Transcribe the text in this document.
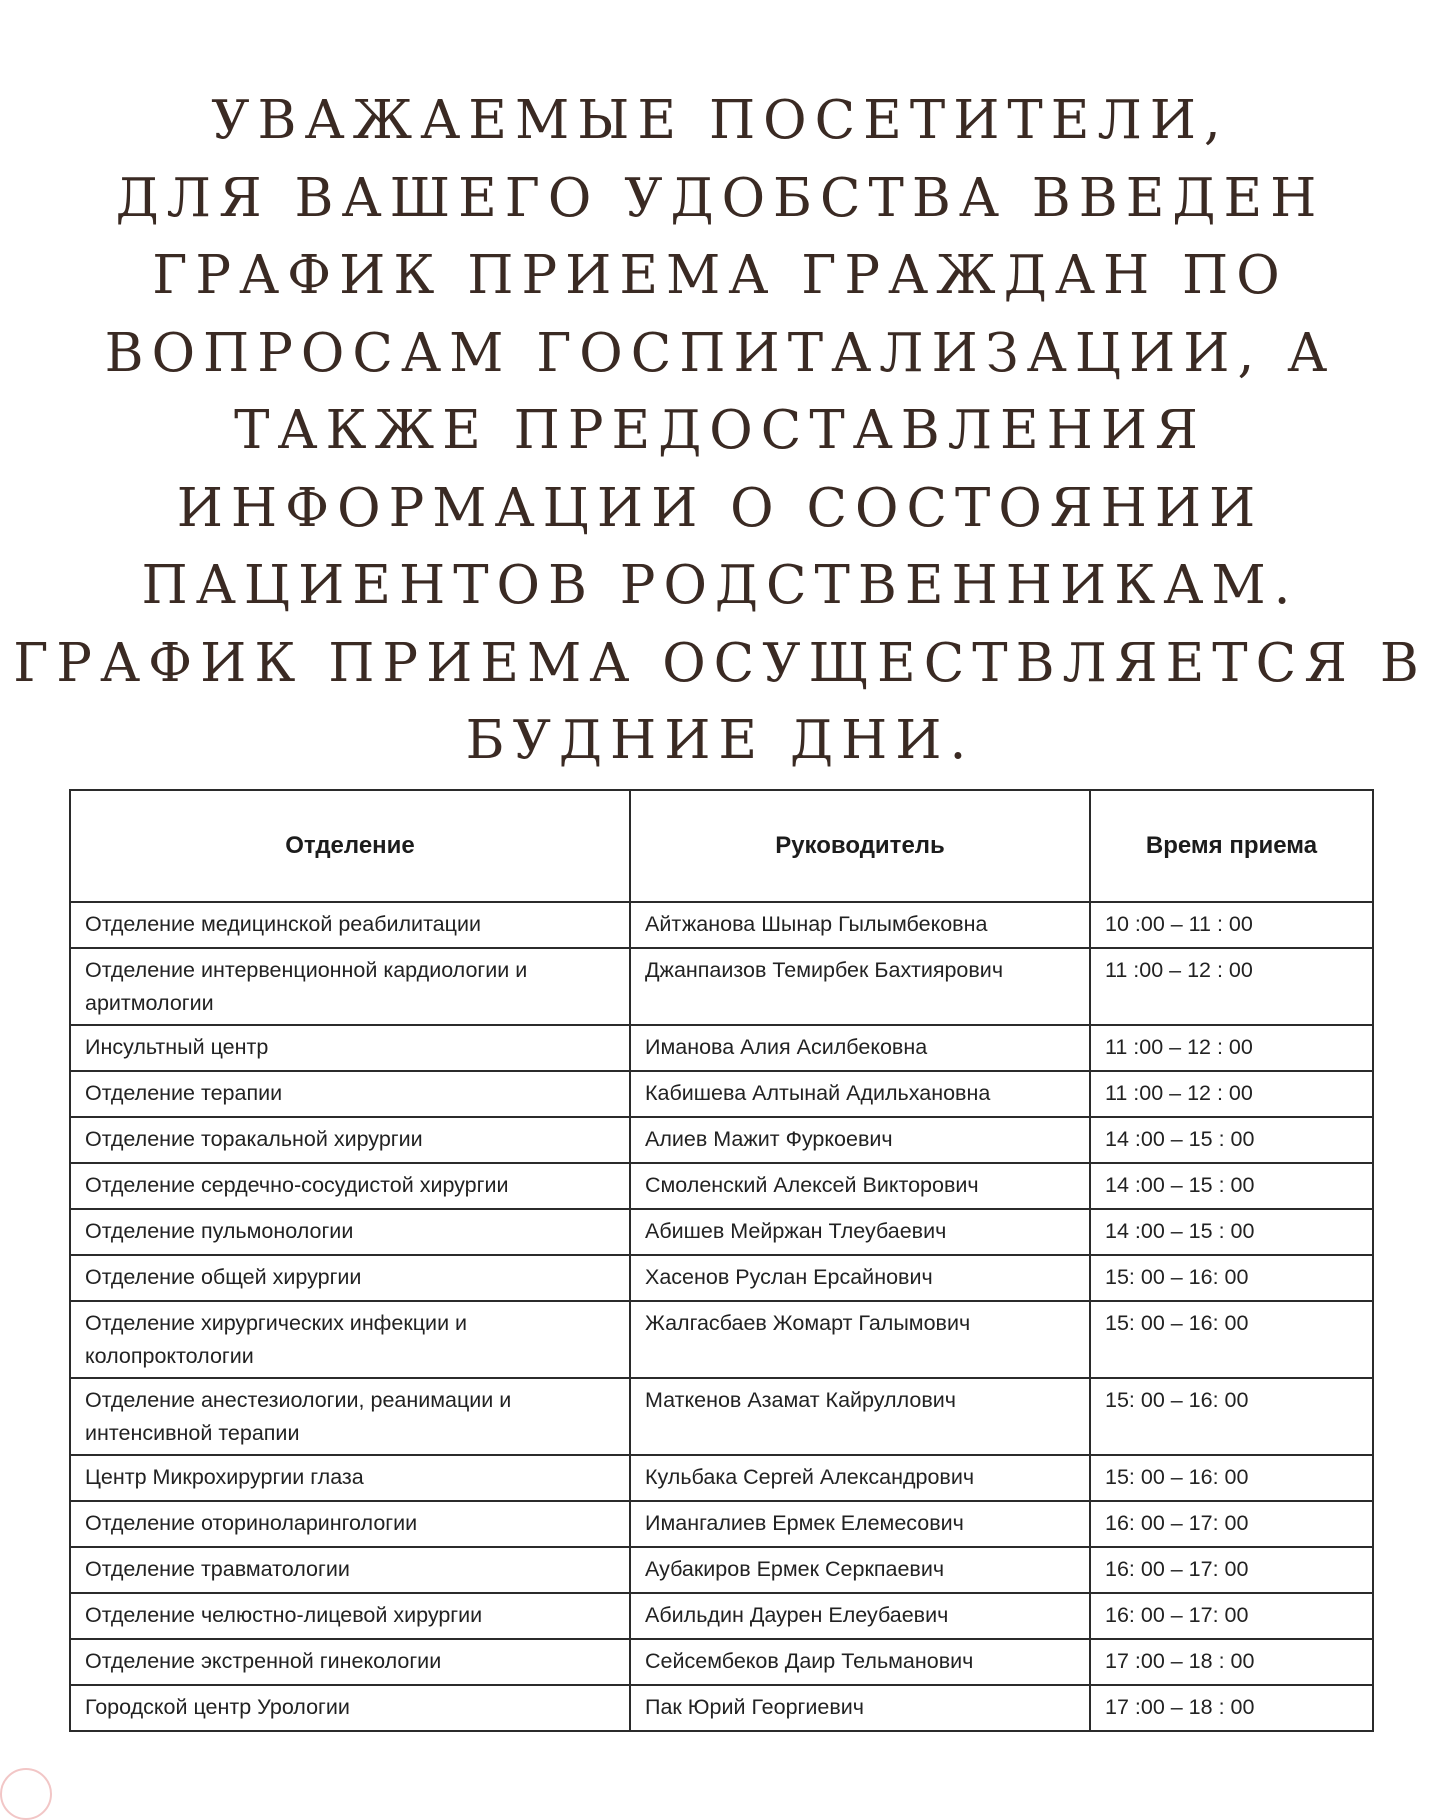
УВАЖАЕМЫЕ ПОСЕТИТЕЛИ,
ДЛЯ ВАШЕГО УДОБСТВА ВВЕДЕН
ГРАФИК ПРИЕМА ГРАЖДАН ПО
ВОПРОСАМ ГОСПИТАЛИЗАЦИИ, А
ТАКЖЕ ПРЕДОСТАВЛЕНИЯ
ИНФОРМАЦИИ О СОСТОЯНИИ
ПАЦИЕНТОВ РОДСТВЕННИКАМ.
ГРАФИК ПРИЕМА ОСУЩЕСТВЛЯЕТСЯ В
БУДНИЕ ДНИ.
Отделение	Руководитель	Время приема
Отделение медицинской реабилитации	Айтжанова Шынар Гылымбековна	10 :00 – 11 : 00
Отделение интервенционной кардиологии и аритмологии	Джанпаизов Темирбек Бахтиярович	11 :00 – 12 : 00
Инсультный центр	Иманова Алия Асилбековна	11 :00 – 12 : 00
Отделение терапии	Кабишева Алтынай Адильхановна	11 :00 – 12 : 00
Отделение торакальной хирургии	Алиев Мажит Фуркоевич	14 :00 – 15 : 00
Отделение сердечно-сосудистой хирургии	Смоленский Алексей Викторович	14 :00 – 15 : 00
Отделение пульмонологии	Абишев Мейржан Тлеубаевич	14 :00 – 15 : 00
Отделение общей хирургии	Хасенов Руслан Ерсайнович	15: 00 – 16: 00
Отделение хирургических инфекции и колопроктологии	Жалгасбаев Жомарт Галымович	15: 00 – 16: 00
Отделение анестезиологии, реанимации и интенсивной терапии	Маткенов Азамат Кайруллович	15: 00 – 16: 00
Центр Микрохирургии глаза	Кульбака Сергей Александрович	15: 00 – 16: 00
Отделение оториноларингологии	Имангалиев Ермек Елемесович	16: 00 – 17: 00
Отделение травматологии	Аубакиров Ермек Серкпаевич	16: 00 – 17: 00
Отделение челюстно-лицевой хирургии	Абильдин Даурен Елеубаевич	16: 00 – 17: 00
Отделение экстренной гинекологии	Сейсембеков Даир Тельманович	17 :00 – 18 : 00
Городской центр Урологии	Пак Юрий Георгиевич	17 :00 – 18 : 00
